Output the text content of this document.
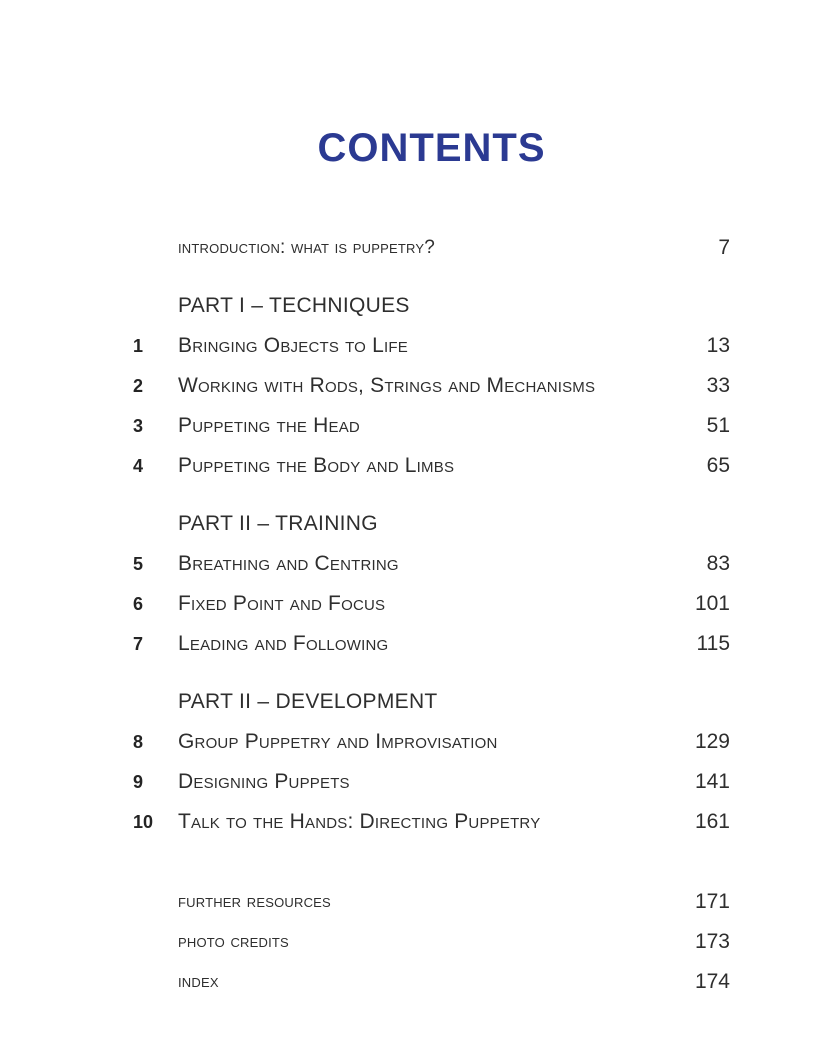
CONTENTS
introduction: what is puppetry?	7
PART I – TECHNIQUES
1	Bringing Objects to Life	13
2	Working with Rods, Strings and Mechanisms	33
3	Puppeting the Head	51
4	Puppeting the Body and Limbs	65
PART II – TRAINING
5	Breathing and Centring	83
6	Fixed Point and Focus	101
7	Leading and Following	115
PART II – DEVELOPMENT
8	Group Puppetry and Improvisation	129
9	Designing Puppets	141
10	Talk to the Hands: Directing Puppetry	161
further resources	171
photo credits	173
index	174
